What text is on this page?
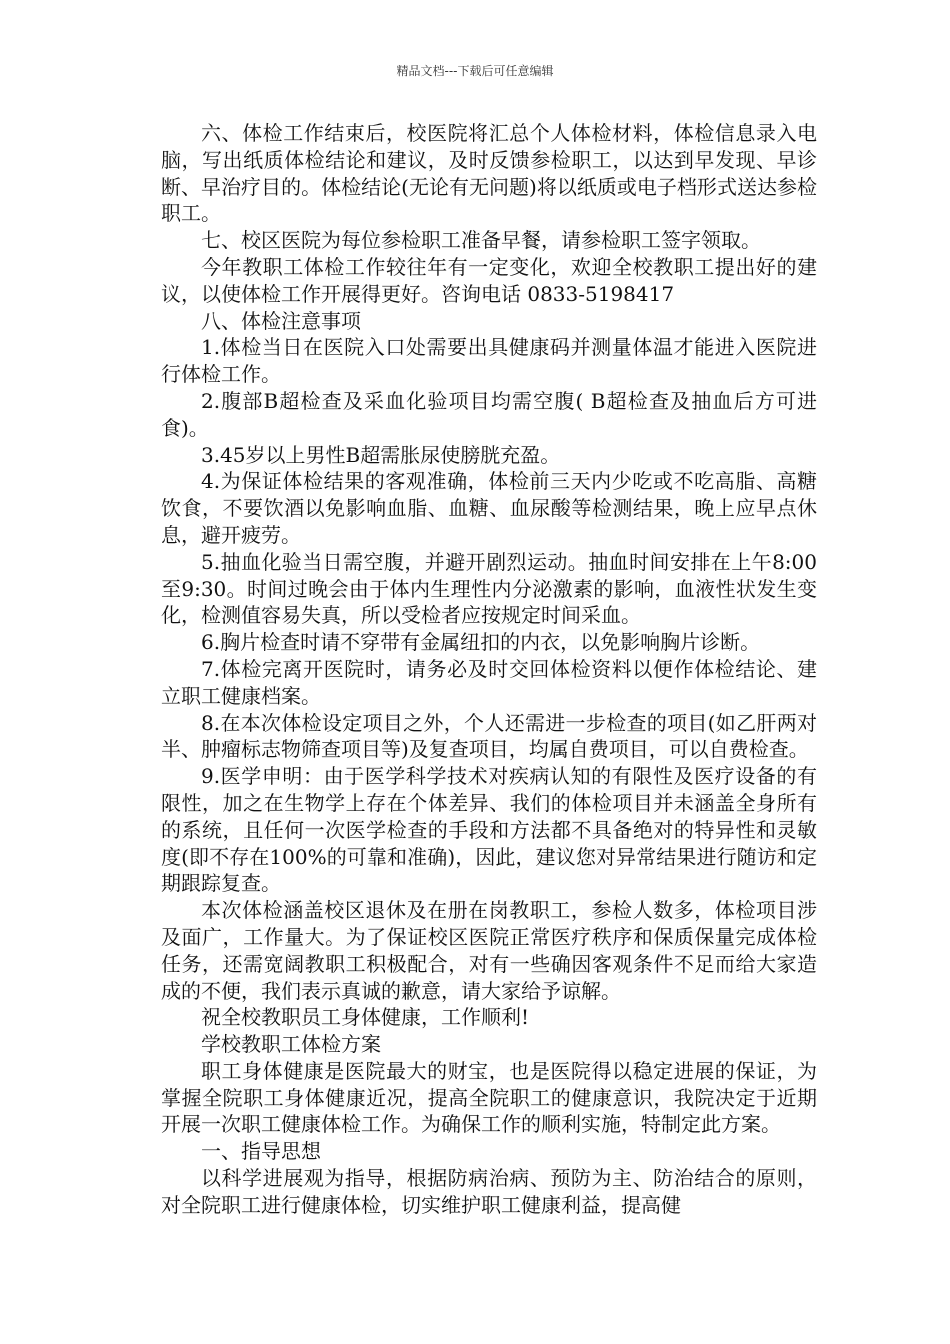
精品文档---下载后可任意编辑

六、体检工作结束后，校医院将汇总个人体检材料，体检信息录入电脑，写出纸质体检结论和建议，及时反馈参检职工，以达到早发现、早诊断、早治疗目的。体检结论(无论有无问题)将以纸质或电子档形式送达参检职工。

七、校区医院为每位参检职工准备早餐，请参检职工签字领取。

今年教职工体检工作较往年有一定变化，欢迎全校教职工提出好的建议，以使体检工作开展得更好。咨询电话 0833-5198417

八、体检注意事项

1.体检当日在医院入口处需要出具健康码并测量体温才能进入医院进行体检工作。

2.腹部B超检查及采血化验项目均需空腹( B超检查及抽血后方可进食)。

3.45岁以上男性B超需胀尿使膀胱充盈。

4.为保证体检结果的客观准确，体检前三天内少吃或不吃高脂、高糖饮食，不要饮酒以免影响血脂、血糖、血尿酸等检测结果，晚上应早点休息，避开疲劳。

5.抽血化验当日需空腹，并避开剧烈运动。抽血时间安排在上午8:00至9:30。时间过晚会由于体内生理性内分泌激素的影响，血液性状发生变化，检测值容易失真，所以受检者应按规定时间采血。

6.胸片检查时请不穿带有金属纽扣的内衣，以免影响胸片诊断。

7.体检完离开医院时，请务必及时交回体检资料以便作体检结论、建立职工健康档案。

8.在本次体检设定项目之外，个人还需进一步检查的项目(如乙肝两对半、肿瘤标志物筛查项目等)及复查项目，均属自费项目，可以自费检查。

9.医学申明：由于医学科学技术对疾病认知的有限性及医疗设备的有限性，加之在生物学上存在个体差异、我们的体检项目并未涵盖全身所有的系统，且任何一次医学检查的手段和方法都不具备绝对的特异性和灵敏度(即不存在100%的可靠和准确)，因此，建议您对异常结果进行随访和定期跟踪复查。

本次体检涵盖校区退休及在册在岗教职工，参检人数多，体检项目涉及面广，工作量大。为了保证校区医院正常医疗秩序和保质保量完成体检任务，还需宽阔教职工积极配合，对有一些确因客观条件不足而给大家造成的不便，我们表示真诚的歉意，请大家给予谅解。

祝全校教职员工身体健康，工作顺利!

学校教职工体检方案

职工身体健康是医院最大的财宝，也是医院得以稳定进展的保证，为掌握全院职工身体健康近况，提高全院职工的健康意识，我院决定于近期开展一次职工健康体检工作。为确保工作的顺利实施，特制定此方案。

一、指导思想

以科学进展观为指导，根据防病治病、预防为主、防治结合的原则，对全院职工进行健康体检，切实维护职工健康利益，提高健
